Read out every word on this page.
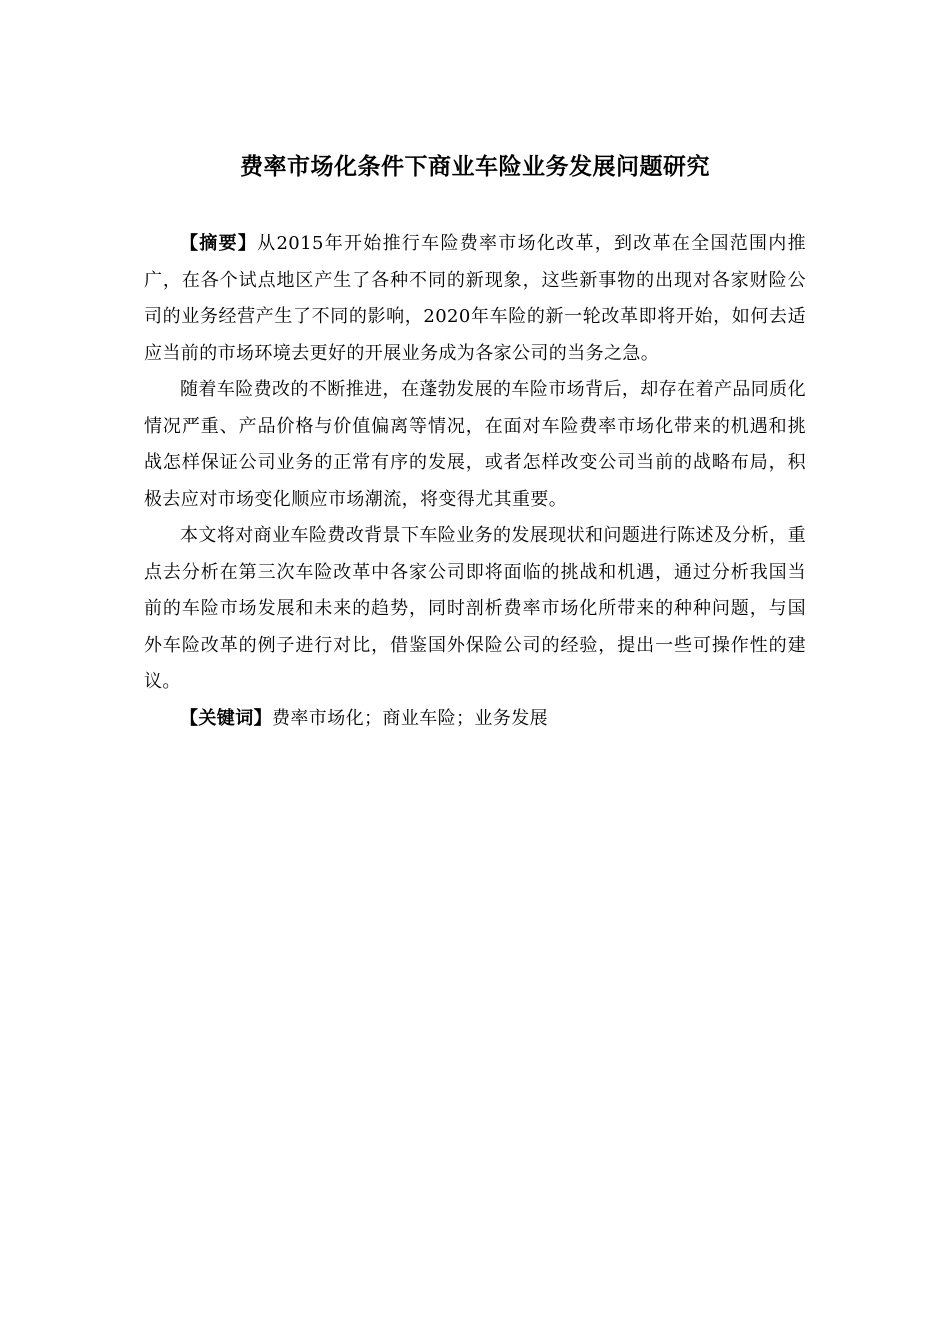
费率市场化条件下商业车险业务发展问题研究

【摘要】从2015年开始推行车险费率市场化改革，到改革在全国范围内推广，在各个试点地区产生了各种不同的新现象，这些新事物的出现对各家财险公司的业务经营产生了不同的影响，2020年车险的新一轮改革即将开始，如何去适应当前的市场环境去更好的开展业务成为各家公司的当务之急。

随着车险费改的不断推进，在蓬勃发展的车险市场背后，却存在着产品同质化情况严重、产品价格与价值偏离等情况，在面对车险费率市场化带来的机遇和挑战怎样保证公司业务的正常有序的发展，或者怎样改变公司当前的战略布局，积极去应对市场变化顺应市场潮流，将变得尤其重要。

本文将对商业车险费改背景下车险业务的发展现状和问题进行陈述及分析，重点去分析在第三次车险改革中各家公司即将面临的挑战和机遇，通过分析我国当前的车险市场发展和未来的趋势，同时剖析费率市场化所带来的种种问题，与国外车险改革的例子进行对比，借鉴国外保险公司的经验，提出一些可操作性的建议。

【关键词】费率市场化；商业车险；业务发展
